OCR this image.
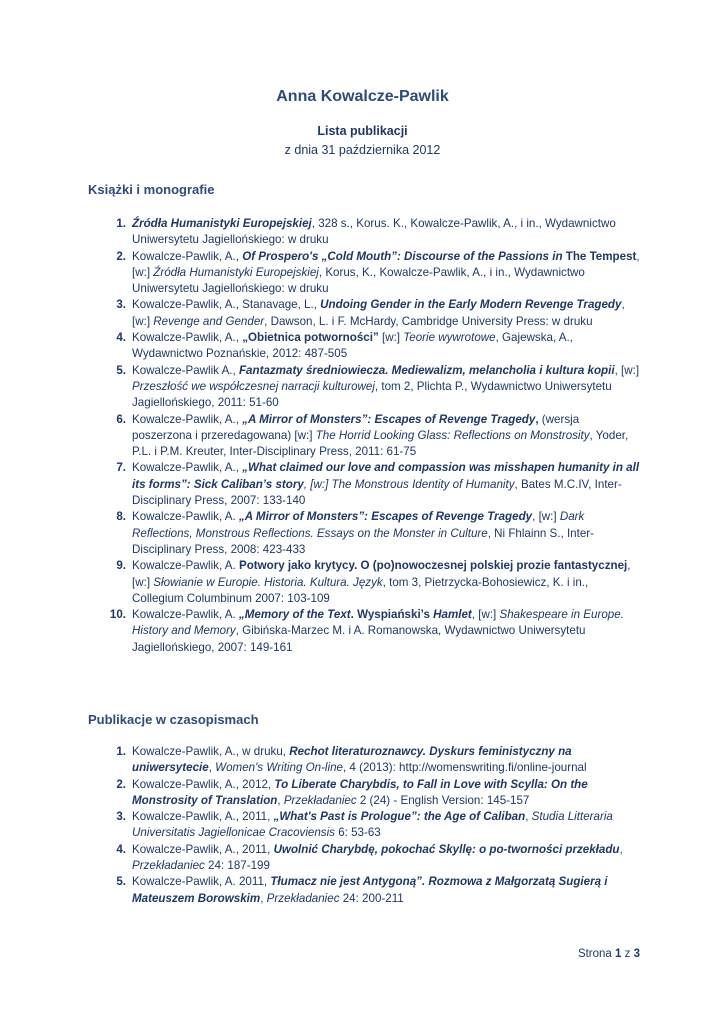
Anna Kowalcze-Pawlik
Lista publikacji
z dnia 31 października 2012
Książki i monografie
1. Źródła Humanistyki Europejskiej, 328 s., Korus. K., Kowalcze-Pawlik, A., i in., Wydawnictwo Uniwersytetu Jagiellońskiego: w druku
2. Kowalcze-Pawlik, A., Of Prospero's „Cold Mouth”: Discourse of the Passions in The Tempest, [w:] Źródła Humanistyki Europejskiej, Korus, K., Kowalcze-Pawlik, A., i in., Wydawnictwo Uniwersytetu Jagiellońskiego: w druku
3. Kowalcze-Pawlik, A., Stanavage, L., Undoing Gender in the Early Modern Revenge Tragedy, [w:] Revenge and Gender, Dawson, L. i F. McHardy, Cambridge University Press: w druku
4. Kowalcze-Pawlik, A., „Obietnica potworności” [w:] Teorie wywrotowe, Gajewska, A., Wydawnictwo Poznańskie, 2012: 487-505
5. Kowalcze-Pawlik A., Fantazmaty średniowiecza. Mediewalizm, melancholia i kultura kopii, [w:] Przeszłość we współczesnej narracji kulturowej, tom 2, Plichta P., Wydawnictwo Uniwersytetu Jagiellońskiego, 2011: 51-60
6. Kowalcze-Pawlik, A., „A Mirror of Monsters”: Escapes of Revenge Tragedy, (wersja poszerzona i przeredagowana) [w:] The Horrid Looking Glass: Reflections on Monstrosity, Yoder, P.L. i P.M. Kreuter, Inter-Disciplinary Press, 2011: 61-75
7. Kowalcze-Pawlik, A., „What claimed our love and compassion was misshapen humanity in all its forms”: Sick Caliban’s story, [w:] The Monstrous Identity of Humanity, Bates M.C.IV, Inter-Disciplinary Press, 2007: 133-140
8. Kowalcze-Pawlik, A. „A Mirror of Monsters”: Escapes of Revenge Tragedy, [w:] Dark Reflections, Monstrous Reflections. Essays on the Monster in Culture, Ni Fhlainn S., Inter-Disciplinary Press, 2008: 423-433
9. Kowalcze-Pawlik, A. Potwory jako krytycy. O (po)nowoczesnej polskiej prozie fantastycznej, [w:] Słowianie w Europie. Historia. Kultura. Język, tom 3, Pietrzycka-Bohosiewicz, K. i in., Collegium Columbinum 2007: 103-109
10. Kowalcze-Pawlik, A. „Memory of the Text. Wyspiański’s Hamlet, [w:] Shakespeare in Europe. History and Memory, Gibińska-Marzec M. i A. Romanowska, Wydawnictwo Uniwersytetu Jagiellońskiego, 2007: 149-161
Publikacje w czasopismach
1. Kowalcze-Pawlik, A., w druku, Rechot literaturoznawcy. Dyskurs feministyczny na uniwersytecie, Women's Writing On-line, 4 (2013): http://womenswriting.fi/online-journal
2. Kowalcze-Pawlik, A., 2012, To Liberate Charybdis, to Fall in Love with Scylla: On the Monstrosity of Translation, Przekładaniec 2 (24) - English Version: 145-157
3. Kowalcze-Pawlik, A., 2011, „What's Past is Prologue”: the Age of Caliban, Studia Litteraria Universitatis Jagiellonicae Cracoviensis 6: 53-63
4. Kowalcze-Pawlik, A., 2011, Uwolnić Charybdę, pokochać Skyllę: o po-tworności przekładu, Przekładaniec 24: 187-199
5. Kowalcze-Pawlik, A. 2011, Tłumacz nie jest Antygoną”. Rozmowa z Małgorzatą Sugierą i Mateuszem Borowskim, Przekładaniec 24: 200-211
Strona 1 z 3
